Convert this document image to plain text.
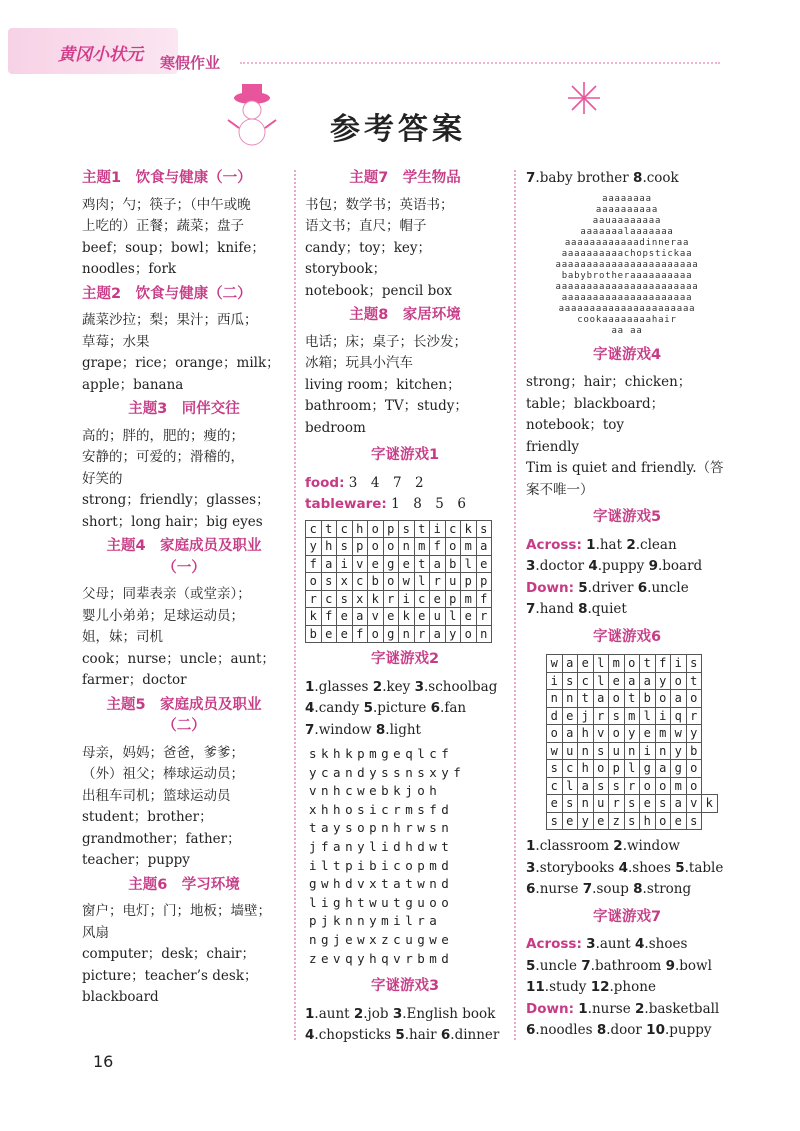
黄冈小状元 寒假作业
参考答案
主题1　饮食与健康（一）

鸡肉；勺；筷子；（中午或晚

上吃的）正餐；蔬菜；盘子

beef；soup；bowl；knife；

noodles；fork

主题2　饮食与健康（二）

蔬菜沙拉；梨；果汁；西瓜；

草莓；水果

grape；rice；orange；milk；

apple；banana

主题3　同伴交往

高的；胖的，肥的；瘦的；

安静的；可爱的；滑稽的，

好笑的

strong；friendly；glasses；

short；long hair；big eyes

主题4　家庭成员及职业
（一）

父母；同辈表亲（或堂亲）；

婴儿小弟弟；足球运动员；

姐，妹；司机

cook；nurse；uncle；aunt；

farmer；doctor

主题5　家庭成员及职业
（二）

母亲，妈妈；爸爸，爹爹；

（外）祖父；棒球运动员；

出租车司机；篮球运动员

student；brother；

grandmother；father；

teacher；puppy

主题6　学习环境

窗户；电灯；门；地板；墙壁；

风扇

computer；desk；chair；

picture；teacher’s desk；

blackboard

主题7　学生物品

书包；数学书；英语书；

语文书；直尺；帽子

candy；toy；key；storybook；

notebook；pencil box

主题8　家居环境

电话；床；桌子；长沙发；

冰箱；玩具小汽车

living room；kitchen；

bathroom；TV；study；

bedroom

字谜游戏1

food: 3　4　7　2

tableware: 1　8　5　6

c	t	c	h	o	p	s	t	i	c	k	s
y	h	s	p	o	o	n	m	f	o	m	a
f	a	i	v	e	g	e	t	a	b	l	e
o	s	x	c	b	o	w	l	r	u	p	p
r	c	s	x	k	r	i	c	e	p	m	f
k	f	e	a	v	e	k	e	u	l	e	r
b	e	e	f	o	g	n	r	a	y	o	n
字谜游戏2

1.glasses 2.key 3.schoolbag

4.candy 5.picture 6.fan

7.window 8.light

skhkpmgeqlcf
ycandyssnsxyf
vnhcwebkjoh
xhhosicrmsfd
taysopnhrwsn
jfanylidhdwt
iltpibicopmd
gwhdvxtatwnd
lightwutguoo
pjknnymilra
ngjewxzcugwe
zevqyhqvrbmd
字谜游戏3

1.aunt 2.job 3.English book

4.chopsticks 5.hair 6.dinner

7.baby brother 8.cook

aaaaaaaa
aaaaaaaaaa
aauaaaaaaaa
aaaaaaalaaaaaaa
aaaaaaaaaaaadinneraa
aaaaaaaaaachopstickaa
aaaaaaaaaaaaaaaaaaaaaaa
babybrotheraaaaaaaaaa
aaaaaaaaaaaaaaaaaaaaaaa
aaaaaaaaaaaaaaaaaaaaa
aaaaaaaaaaaaaaaaaaaaaa
cookaaaaaaaahair
aa aa
字谜游戏4

strong；hair；chicken；

table；blackboard；

notebook；toy

friendly

Tim is quiet and friendly.（答

案不唯一）

字谜游戏5

Across: 1.hat 2.clean

3.doctor 4.puppy 9.board

Down: 5.driver 6.uncle

7.hand 8.quiet

字谜游戏6
w	a	e	l	m	o	t	f	i	s	
i	s	c	l	e	a	a	y	o	t	
n	n	t	a	o	t	b	o	a	o	
d	e	j	r	s	m	l	i	q	r	
o	a	h	v	o	y	e	m	w	y	
w	u	n	s	u	n	i	n	y	b	
s	c	h	o	p	l	g	a	g	o	
c	l	a	s	s	r	o	o	m	o	
e	s	n	u	r	s	e	s	a	v	k
s	e	y	e	z	s	h	o	e	s	

1.classroom 2.window

3.storybooks 4.shoes 5.table

6.nurse 7.soup 8.strong

字谜游戏7

Across: 3.aunt 4.shoes

5.uncle 7.bathroom 9.bowl

11.study 12.phone

Down: 1.nurse 2.basketball

6.noodles 8.door 10.puppy

16
